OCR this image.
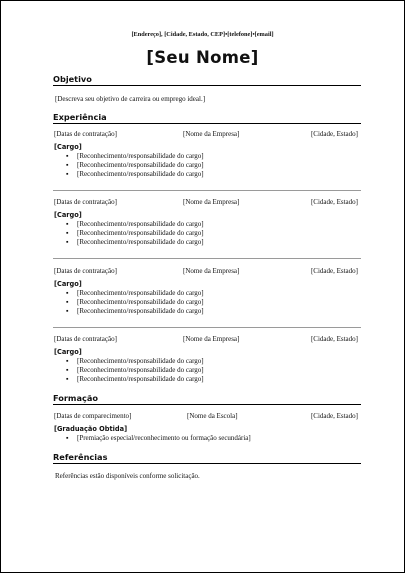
[Endereço], [Cidade, Estado, CEP]•[telefone]•[email]
[Seu Nome]
Objetivo
[Descreva seu objetivo de carreira ou emprego ideal.]
Experiência
[Datas de contratação]	[Nome da Empresa]	[Cidade, Estado]
[Cargo]
▪ [Reconhecimento/responsabilidade do cargo]
▪ [Reconhecimento/responsabilidade do cargo]
▪ [Reconhecimento/responsabilidade do cargo]
[Datas de contratação]	[Nome da Empresa]	[Cidade, Estado]
[Cargo]
▪ [Reconhecimento/responsabilidade do cargo]
▪ [Reconhecimento/responsabilidade do cargo]
▪ [Reconhecimento/responsabilidade do cargo]
[Datas de contratação]	[Nome da Empresa]	[Cidade, Estado]
[Cargo]
▪ [Reconhecimento/responsabilidade do cargo]
▪ [Reconhecimento/responsabilidade do cargo]
▪ [Reconhecimento/responsabilidade do cargo]
[Datas de contratação]	[Nome da Empresa]	[Cidade, Estado]
[Cargo]
▪ [Reconhecimento/responsabilidade do cargo]
▪ [Reconhecimento/responsabilidade do cargo]
▪ [Reconhecimento/responsabilidade do cargo]
Formação
[Datas de comparecimento]	[Nome da Escola]	[Cidade, Estado]
[Graduação Obtida]
▪ [Premiação especial/reconhecimento ou formação secundária]
Referências
Referências estão disponíveis conforme solicitação.
